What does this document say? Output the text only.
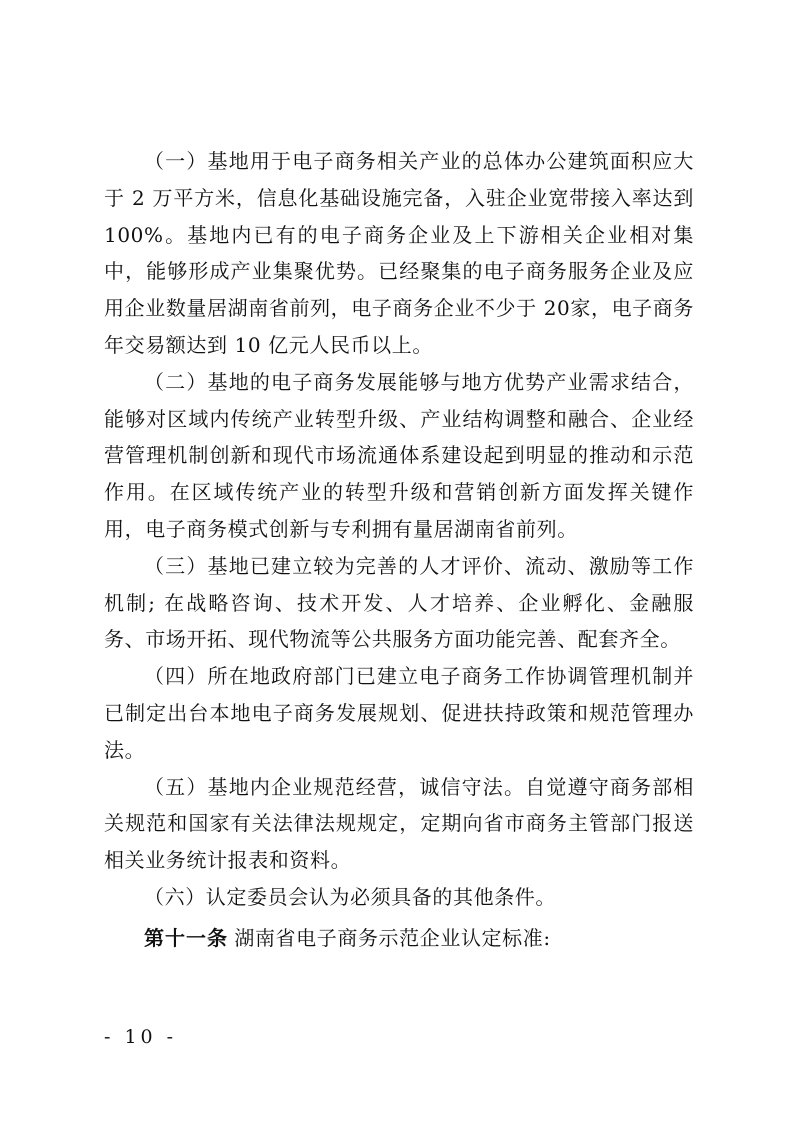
（一）基地用于电子商务相关产业的总体办公建筑面积应大于 2 万平方米，信息化基础设施完备，入驻企业宽带接入率达到 100%。基地内已有的电子商务企业及上下游相关企业相对集中，能够形成产业集聚优势。已经聚集的电子商务服务企业及应用企业数量居湖南省前列，电子商务企业不少于 20家，电子商务年交易额达到 10 亿元人民币以上。

（二）基地的电子商务发展能够与地方优势产业需求结合，能够对区域内传统产业转型升级、产业结构调整和融合、企业经营管理机制创新和现代市场流通体系建设起到明显的推动和示范作用。在区域传统产业的转型升级和营销创新方面发挥关键作用，电子商务模式创新与专利拥有量居湖南省前列。

（三）基地已建立较为完善的人才评价、流动、激励等工作机制; 在战略咨询、技术开发、人才培养、企业孵化、金融服务、市场开拓、现代物流等公共服务方面功能完善、配套齐全。

（四）所在地政府部门已建立电子商务工作协调管理机制并已制定出台本地电子商务发展规划、促进扶持政策和规范管理办法。

（五）基地内企业规范经营，诚信守法。自觉遵守商务部相关规范和国家有关法律法规规定，定期向省市商务主管部门报送相关业务统计报表和资料。

（六）认定委员会认为必须具备的其他条件。

第十一条 湖南省电子商务示范企业认定标准:

- 10 -
